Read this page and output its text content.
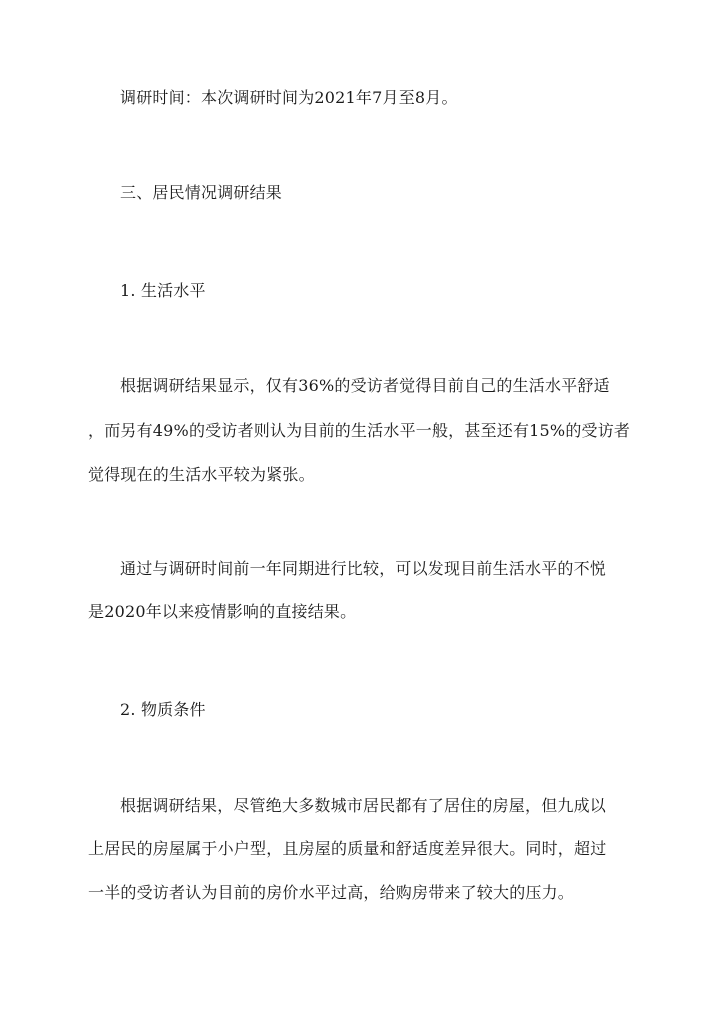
调研时间：本次调研时间为2021年7月至8月。
三、居民情况调研结果
1. 生活水平
根据调研结果显示，仅有36%的受访者觉得目前自己的生活水平舒适
，而另有49%的受访者则认为目前的生活水平一般，甚至还有15%的受访者
觉得现在的生活水平较为紧张。
通过与调研时间前一年同期进行比较，可以发现目前生活水平的不悦
是2020年以来疫情影响的直接结果。
2. 物质条件
根据调研结果，尽管绝大多数城市居民都有了居住的房屋，但九成以
上居民的房屋属于小户型，且房屋的质量和舒适度差异很大。同时，超过
一半的受访者认为目前的房价水平过高，给购房带来了较大的压力。
